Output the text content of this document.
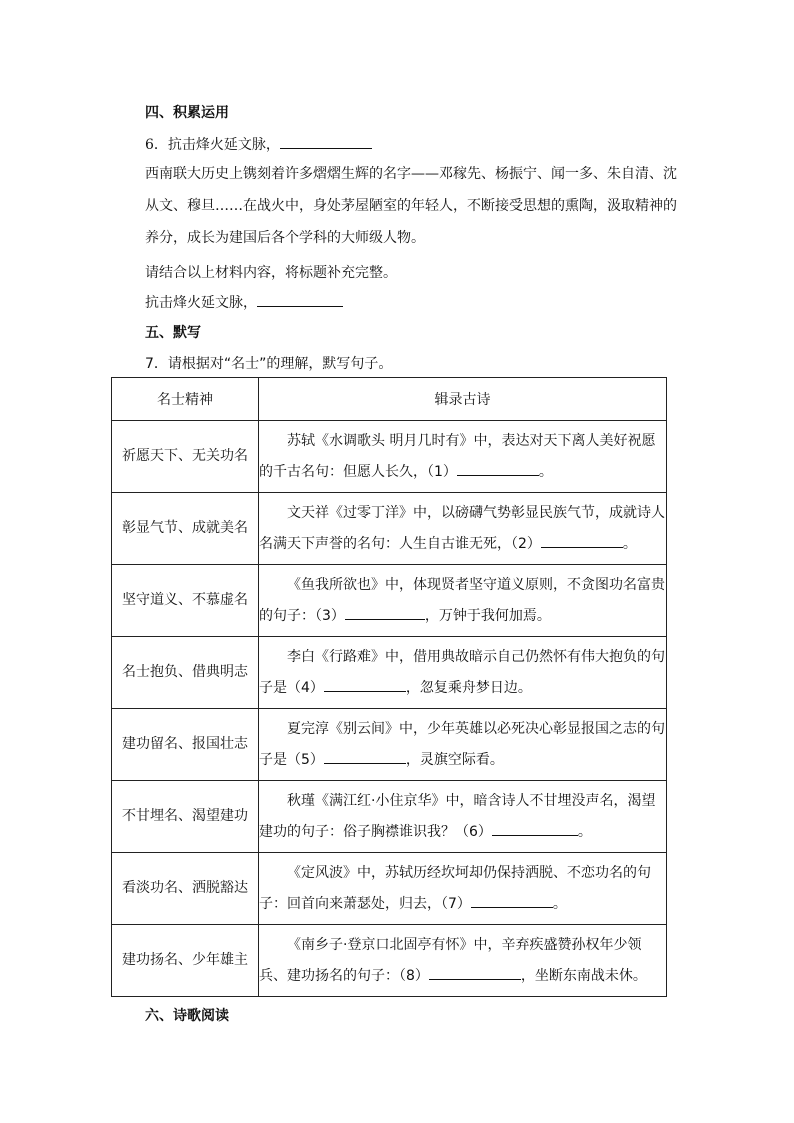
四、积累运用
6．抗击烽火延文脉，
西南联大历史上镌刻着许多熠熠生辉的名字——邓稼先、杨振宁、闻一多、朱自清、沈从文、穆旦……在战火中，身处茅屋陋室的年轻人，不断接受思想的熏陶，汲取精神的养分，成长为建国后各个学科的大师级人物。
请结合以上材料内容，将标题补充完整。
抗击烽火延文脉，
五、默写
7．请根据对“名士”的理解，默写句子。
名士精神	辑录古诗
祈愿天下、无关功名	苏轼《水调歌头 明月几时有》中，表达对天下离人美好祝愿的千古名句：但愿人长久，（1） 。
彰显气节、成就美名	文天祥《过零丁洋》中，以磅礴气势彰显民族气节，成就诗人名满天下声誉的名句：人生自古谁无死，（2） 。
坚守道义、不慕虚名	《鱼我所欲也》中，体现贤者坚守道义原则，不贪图功名富贵的句子：（3） ，万钟于我何加焉。
名士抱负、借典明志	李白《行路难》中，借用典故暗示自己仍然怀有伟大抱负的句子是（4） ，忽复乘舟梦日边。
建功留名、报国壮志	夏完淳《别云间》中，少年英雄以必死决心彰显报国之志的句子是（5） ，灵旗空际看。
不甘埋名、渴望建功	秋瑾《满江红·小住京华》中，暗含诗人不甘埋没声名，渴望建功的句子：俗子胸襟谁识我？（6） 。
看淡功名、洒脱豁达	《定风波》中，苏轼历经坎坷却仍保持洒脱、不恋功名的句子：回首向来萧瑟处，归去，（7） 。
建功扬名、少年雄主	《南乡子·登京口北固亭有怀》中，辛弃疾盛赞孙权年少领兵、建功扬名的句子：（8） ，坐断东南战未休。
六、诗歌阅读
